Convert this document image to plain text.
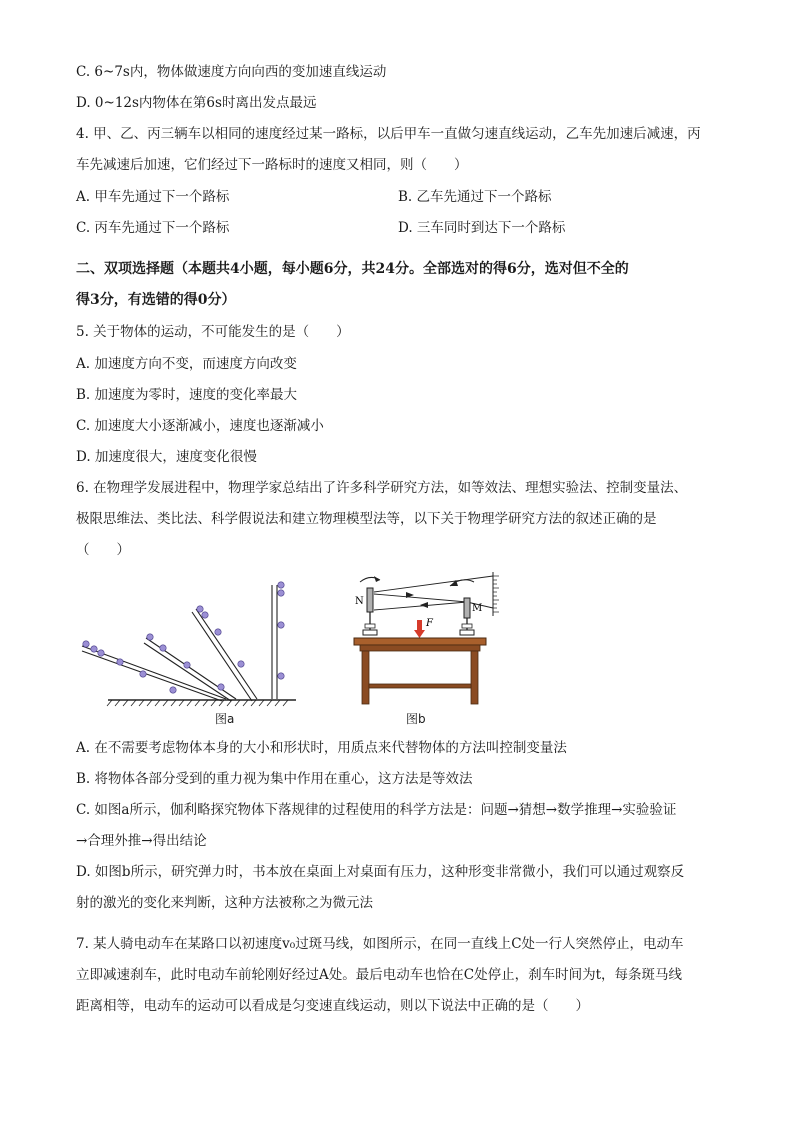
C. 6~7s内，物体做速度方向向西的变加速直线运动
D. 0~12s内物体在第6s时离出发点最远
4. 甲、乙、丙三辆车以相同的速度经过某一路标，以后甲车一直做匀速直线运动，乙车先加速后减速，丙
车先减速后加速，它们经过下一路标时的速度又相同，则（　　）
A. 甲车先通过下一个路标	B. 乙车先通过下一个路标
C. 丙车先通过下一个路标	D. 三车同时到达下一个路标
二、双项选择题（本题共4小题，每小题6分，共24分。全部选对的得6分，选对但不全的
得3分，有选错的得0分）
5. 关于物体的运动，不可能发生的是（　　）
A. 加速度方向不变，而速度方向改变
B. 加速度为零时，速度的变化率最大
C. 加速度大小逐渐减小，速度也逐渐减小
D. 加速度很大，速度变化很慢
6. 在物理学发展进程中，物理学家总结出了许多科学研究方法，如等效法、理想实验法、控制变量法、
极限思维法、类比法、科学假说法和建立物理模型法等，以下关于物理学研究方法的叙述正确的是
（　　）
图a
N
M
F
图b
A. 在不需要考虑物体本身的大小和形状时，用质点来代替物体的方法叫控制变量法
B. 将物体各部分受到的重力视为集中作用在重心，这方法是等效法
C. 如图a所示，伽利略探究物体下落规律的过程使用的科学方法是：问题→猜想→数学推理→实验验证
→合理外推→得出结论
D. 如图b所示，研究弹力时，书本放在桌面上对桌面有压力，这种形变非常微小，我们可以通过观察反
射的激光的变化来判断，这种方法被称之为微元法
7. 某人骑电动车在某路口以初速度v₀过斑马线，如图所示，在同一直线上C处一行人突然停止，电动车
立即减速刹车，此时电动车前轮刚好经过A处。最后电动车也恰在C处停止，刹车时间为t，每条斑马线
距离相等，电动车的运动可以看成是匀变速直线运动，则以下说法中正确的是（　　）
